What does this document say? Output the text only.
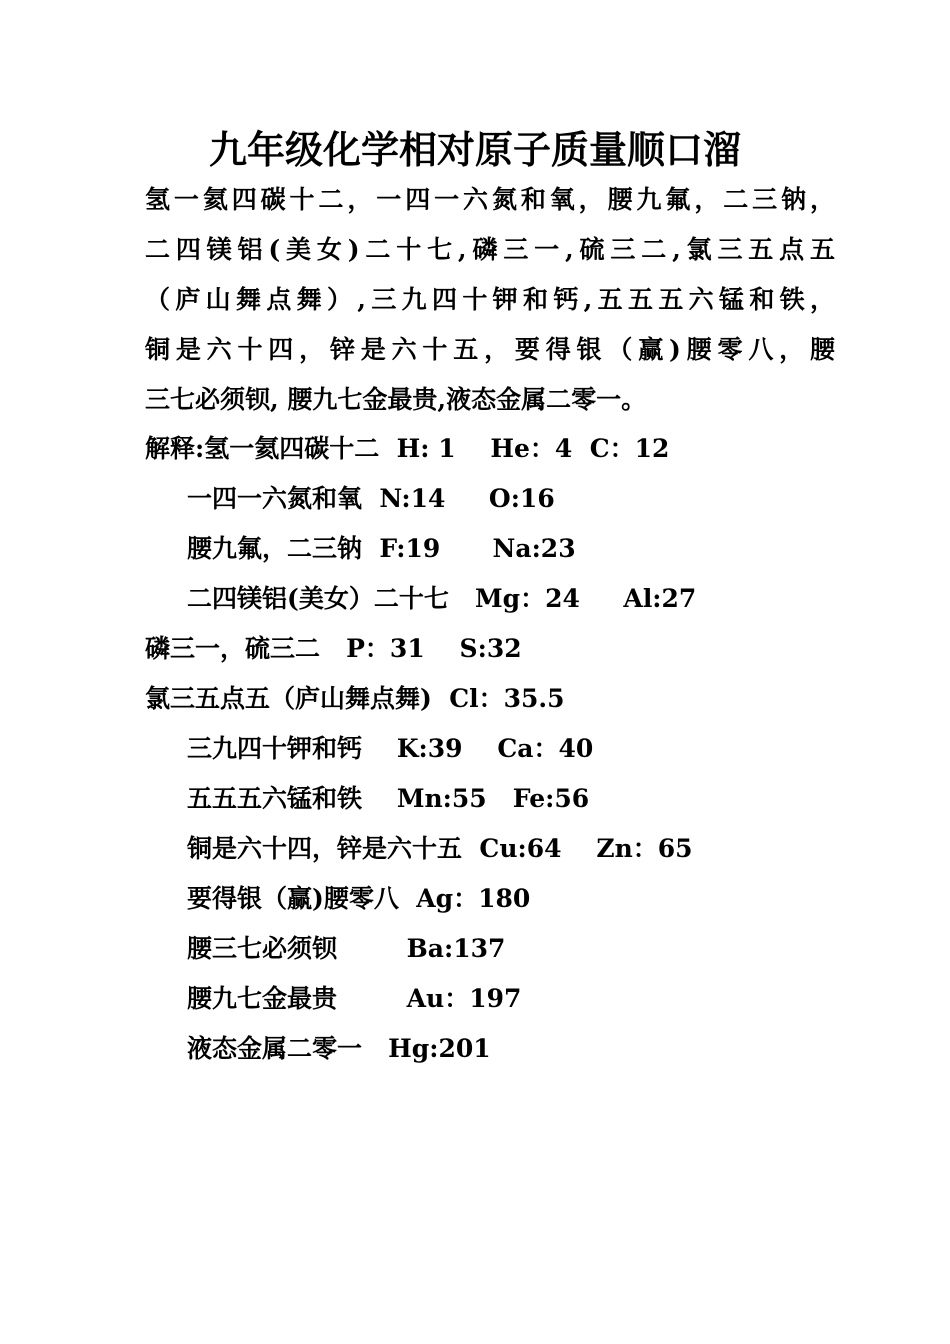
九年级化学相对原子质量顺口溜
氢一氦四碳十二，一四一六氮和氧，腰九氟，二三钠，
二四镁铝(美女)二十七,磷三一,硫三二,氯三五点五
（庐山舞点舞）,三九四十钾和钙,五五五六锰和铁，
铜是六十四，锌是六十五，要得银（赢)腰零八，腰
三七必须钡, 腰九七金最贵,液态金属二零一。
解释:氢一氦四碳十二  H: 1    He：4  C：12
一四一六氮和氧  N:14     O:16
腰九氟，二三钠  F:19      Na:23
二四镁铝(美女）二十七   Mg：24     Al:27
磷三一，硫三二   P：31    S:32
氯三五点五（庐山舞点舞)  Cl：35.5
三九四十钾和钙    K:39    Ca：40
五五五六锰和铁    Mn:55   Fe:56
铜是六十四，锌是六十五  Cu:64    Zn：65
要得银（赢)腰零八  Ag：180
腰三七必须钡        Ba:137
腰九七金最贵        Au：197
液态金属二零一   Hg:201
